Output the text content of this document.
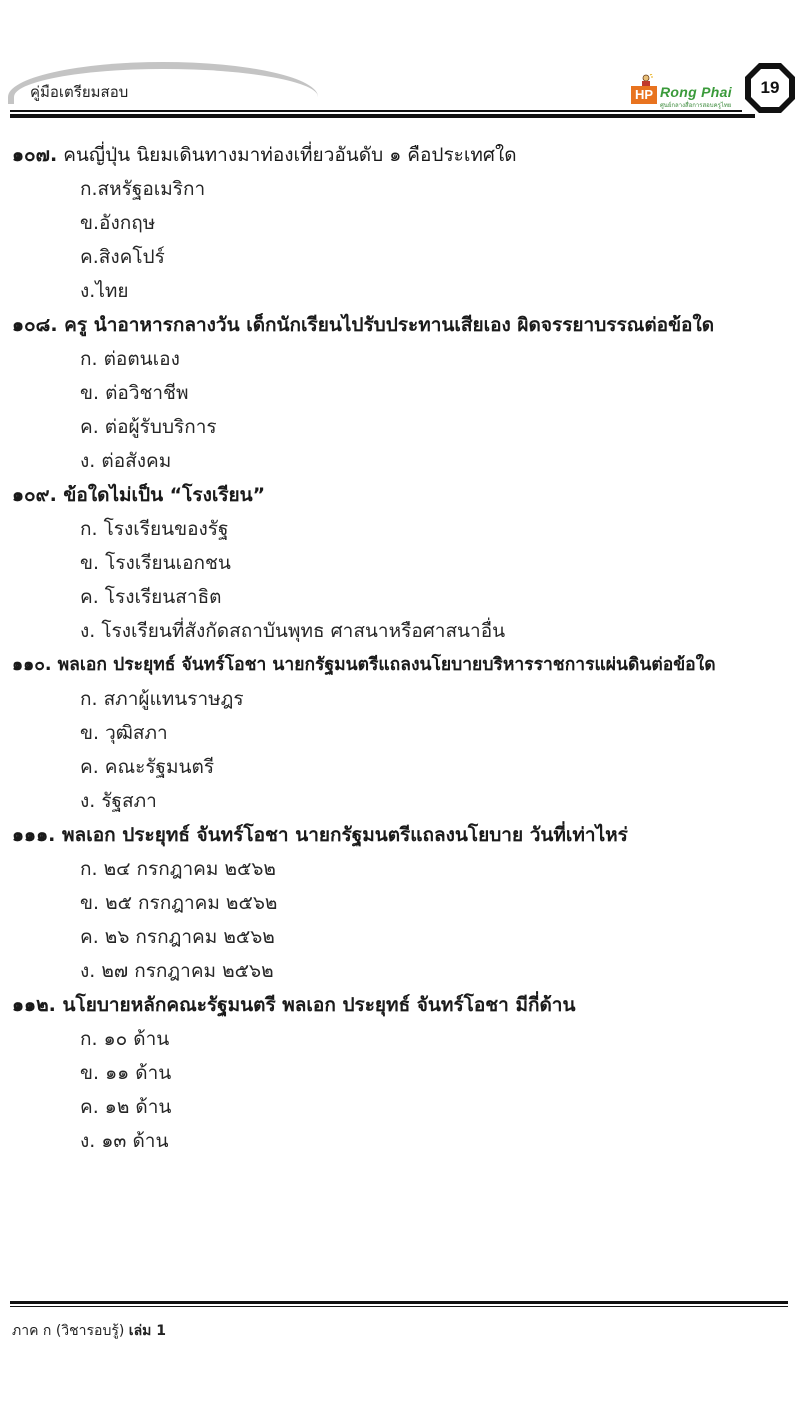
คู่มือเตรียมสอบ	HP Rong Phai
ศูนย์กลางสื่อการสอบครูไทย
19
๑๐๗. คนญี่ปุ่น นิยมเดินทางมาท่องเที่ยวอันดับ ๑ คือประเทศใด
ก.สหรัฐอเมริกา
ข.อังกฤษ
ค.สิงคโปร์
ง.ไทย
๑๐๘. ครู นำอาหารกลางวัน เด็กนักเรียนไปรับประทานเสียเอง ผิดจรรยาบรรณต่อข้อใด
ก. ต่อตนเอง
ข. ต่อวิชาชีพ
ค. ต่อผู้รับบริการ
ง. ต่อสังคม
๑๐๙. ข้อใดไม่เป็น “โรงเรียน”
ก. โรงเรียนของรัฐ
ข. โรงเรียนเอกชน
ค. โรงเรียนสาธิต
ง. โรงเรียนที่สังกัดสถาบันพุทธ ศาสนาหรือศาสนาอื่น
๑๑๐. พลเอก ประยุทธ์ จันทร์โอชา นายกรัฐมนตรีแถลงนโยบายบริหารราชการแผ่นดินต่อข้อใด
ก. สภาผู้แทนราษฎร
ข. วุฒิสภา
ค. คณะรัฐมนตรี
ง. รัฐสภา
๑๑๑. พลเอก ประยุทธ์ จันทร์โอชา นายกรัฐมนตรีแถลงนโยบาย วันที่เท่าไหร่
ก. ๒๔ กรกฎาคม ๒๕๖๒
ข. ๒๕ กรกฎาคม ๒๕๖๒
ค. ๒๖ กรกฎาคม ๒๕๖๒
ง. ๒๗ กรกฎาคม ๒๕๖๒
๑๑๒. นโยบายหลักคณะรัฐมนตรี พลเอก ประยุทธ์ จันทร์โอชา มีกี่ด้าน
ก. ๑๐ ด้าน
ข. ๑๑ ด้าน
ค. ๑๒ ด้าน
ง. ๑๓ ด้าน
ภาค ก (วิชารอบรู้) เล่ม 1
